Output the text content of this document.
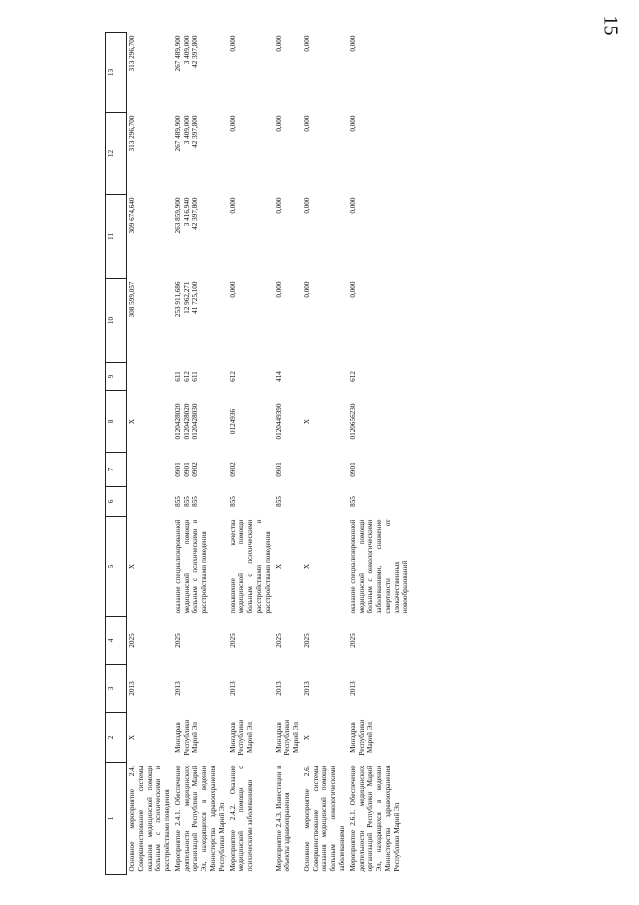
15
1	2	3	4	5	6	7	8	9	10	11	12	13
Основное мероприятие 2.4. Совершенствование системы оказания медицинской помощи больным с психическими и расстройствами поведения	X	2013	2025	X			X		308 599,057	309 674,640	313 296,700	313 296,700

Мероприятие 2.4.1. Обеспечение деятельности медицинских организаций Республики Марий Эл, находящихся в ведении Министерства здравоохранения Республики Марий Эл	Минздрав Республики Марий Эл	2013	2025	оказание специализированной медицинской помощи больным с психическими и расстройствами поведения	855 855 855	0901 0901 0902	0120428020 0120428020 0120428030	611 612 611	253 911,686 12 962,271 41 725,100	263 859,900 3 416,940 42 397,800	267 489,900 3 409,000 42 397,800	267 489,900 3 409,000 42 397,800

Мероприятие 2.4.2. Оказание медицинской помощи с психическими заболеваниями	Минздрав Республики Марий Эл	2013	2025	повышение качества медицинской помощи больным с психическими расстройствами и расстройствами поведения	855	0902	0124936	612	0,000	0,000	0,000	0,000

Мероприятие 2.4.3. Инвестиции в объекты здравоохранения	Минздрав Республики Марий Эл	2013	2025	X	855	0901	0120449390	414	0,000	0,000	0,000	0,000

Основное мероприятие 2.6. Совершенствование системы оказания медицинской помощи больным онкологическими заболеваниями	X	2013	2025	X			X		0,000	0,000	0,000	0,000

Мероприятие 2.6.1. Обеспечение деятельности медицинских организаций Республики Марий Эл, находящихся в ведении Министерства здравоохранения Республики Марий Эл	Минздрав Республики Марий Эл	2013	2025	оказание специализированной медицинской помощи больным с онкологическими заболеваниями, снижение смертности от злокачественных новообразований	855	0901	0120656230	612	0,000	0,000	0,000	0,000
